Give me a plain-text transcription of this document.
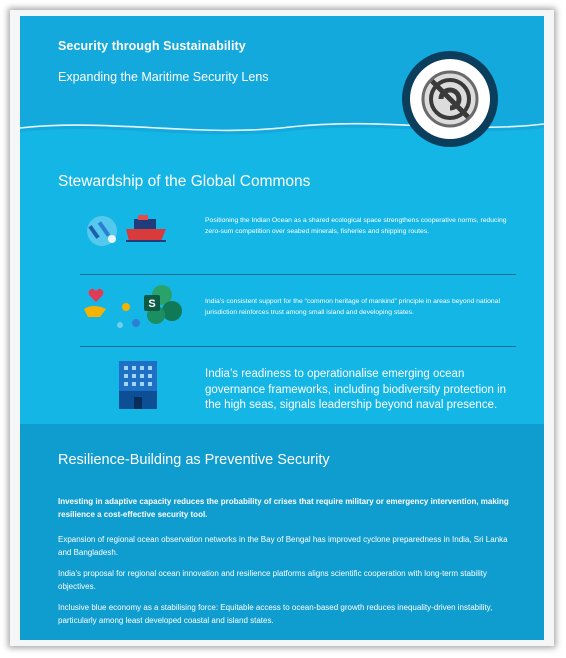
Security through Sustainability
Expanding the Maritime Security Lens
Stewardship of the Global Commons

Positioning the Indian Ocean as a shared ecological space strengthens cooperative norms, reducing zero-sum competition over seabed minerals, fisheries and shipping routes.

S	India’s consistent support for the “common heritage of mankind” principle in areas beyond national jurisdiction reinforces trust among small island and developing states.

India’s readiness to operationalise emerging ocean governance frameworks, including biodiversity protection in the high seas, signals leadership beyond naval presence.

Resilience-Building as Preventive Security

Investing in adaptive capacity reduces the probability of crises that require military or emergency intervention, making resilience a cost-effective security tool.

Expansion of regional ocean observation networks in the Bay of Bengal has improved cyclone preparedness in India, Sri Lanka and Bangladesh.

India’s proposal for regional ocean innovation and resilience platforms aligns scientific cooperation with long-term stability objectives.

Inclusive blue economy as a stabilising force: Equitable access to ocean-based growth reduces inequality-driven instability, particularly among least developed coastal and island states.
